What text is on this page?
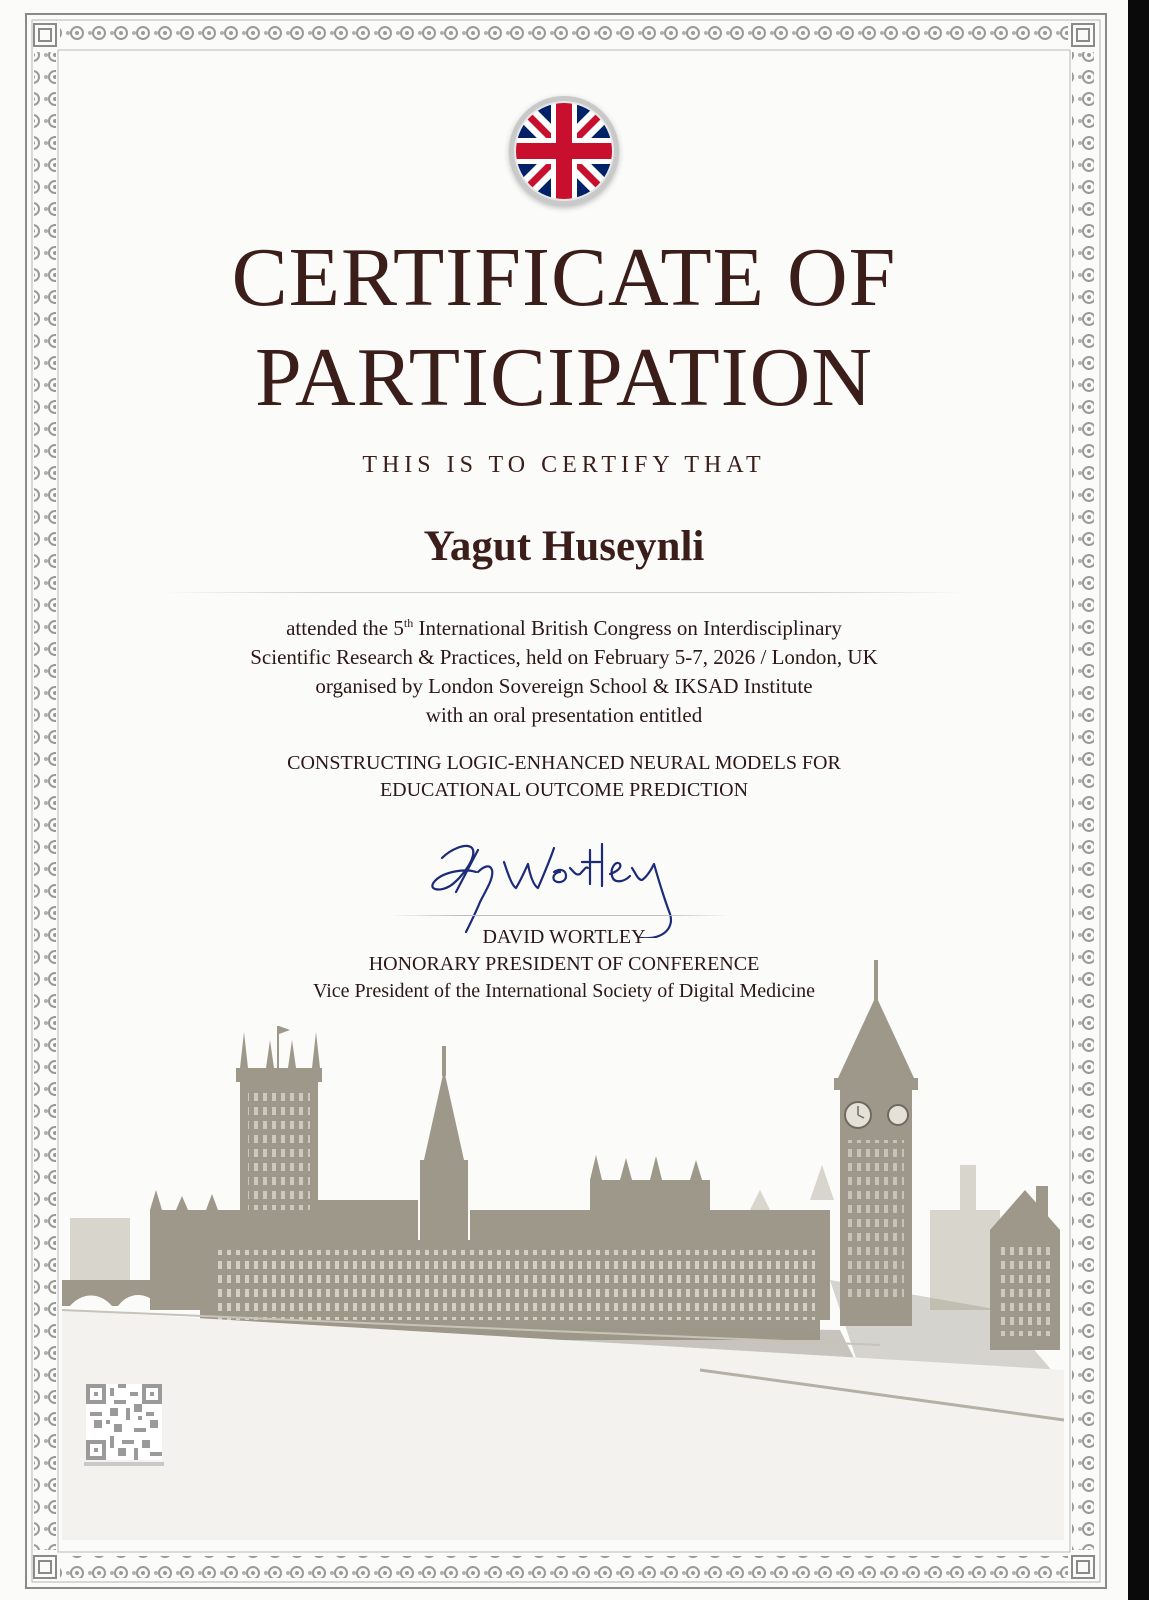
CERTIFICATE OF
PARTICIPATION
THIS IS TO CERTIFY THAT
Yagut Huseynli
attended the 5th International British Congress on Interdisciplinary
Scientific Research & Practices, held on February 5-7, 2026 / London, UK
organised by London Sovereign School & IKSAD Institute
with an oral presentation entitled
CONSTRUCTING LOGIC-ENHANCED NEURAL MODELS FOR
EDUCATIONAL OUTCOME PREDICTION
DAVID WORTLEY
HONORARY PRESIDENT OF CONFERENCE
Vice President of the International Society of Digital Medicine
